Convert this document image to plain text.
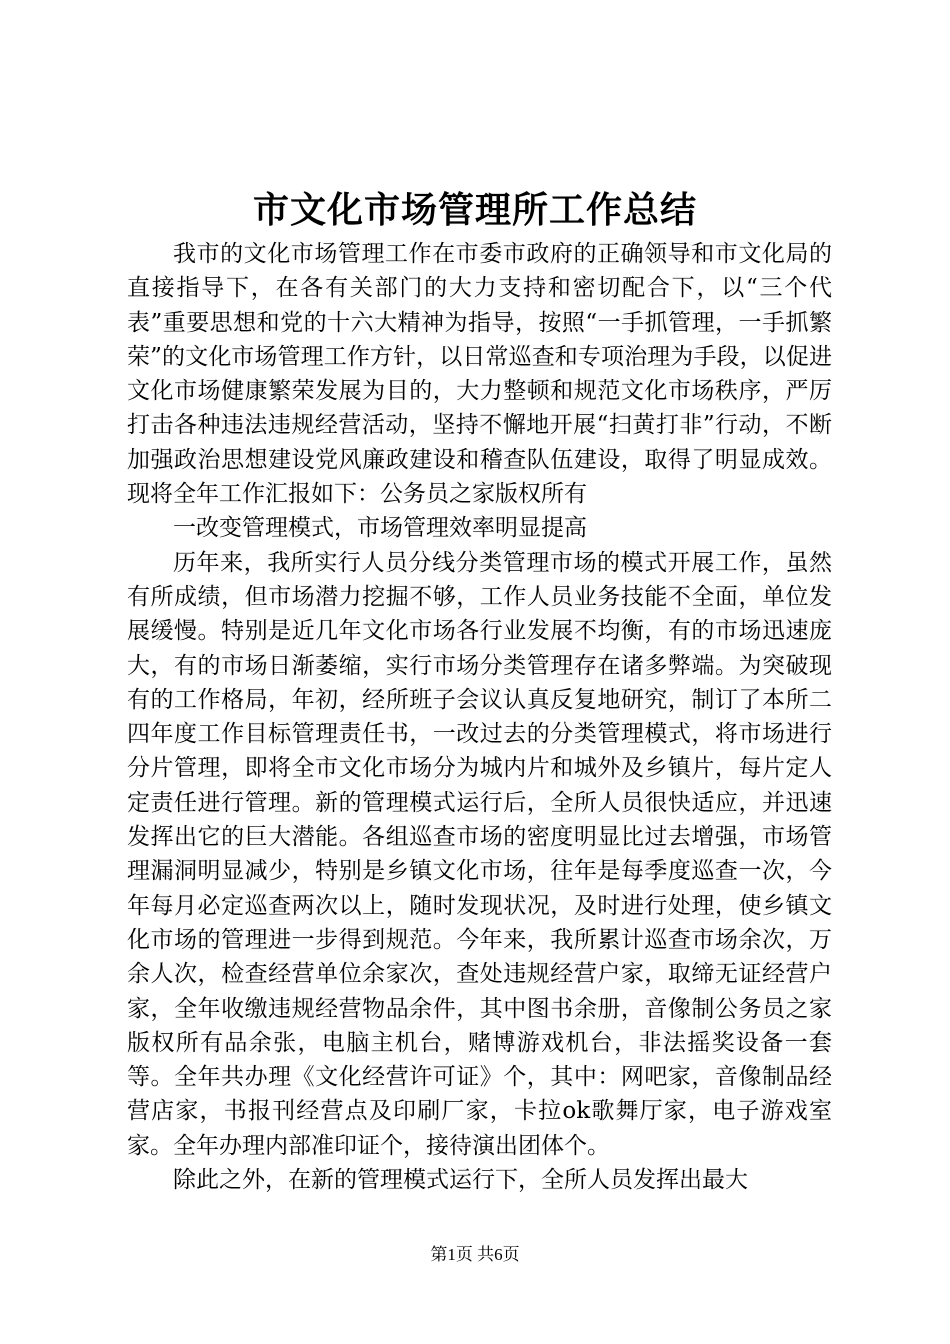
市文化市场管理所工作总结

我市的文化市场管理工作在市委市政府的正确领导和市文化局的直接指导下，在各有关部门的大力支持和密切配合下，以“三个代表”重要思想和党的十六大精神为指导，按照“一手抓管理，一手抓繁荣”的文化市场管理工作方针，以日常巡查和专项治理为手段，以促进文化市场健康繁荣发展为目的，大力整顿和规范文化市场秩序，严厉打击各种违法违规经营活动，坚持不懈地开展“扫黄打非”行动，不断加强政治思想建设党风廉政建设和稽查队伍建设，取得了明显成效。现将全年工作汇报如下：公务员之家版权所有

一改变管理模式，市场管理效率明显提高

历年来，我所实行人员分线分类管理市场的模式开展工作，虽然有所成绩，但市场潜力挖掘不够，工作人员业务技能不全面，单位发展缓慢。特别是近几年文化市场各行业发展不均衡，有的市场迅速庞大，有的市场日渐萎缩，实行市场分类管理存在诸多弊端。为突破现有的工作格局，年初，经所班子会议认真反复地研究，制订了本所二四年度工作目标管理责任书，一改过去的分类管理模式，将市场进行分片管理，即将全市文化市场分为城内片和城外及乡镇片，每片定人定责任进行管理。新的管理模式运行后，全所人员很快适应，并迅速发挥出它的巨大潜能。各组巡查市场的密度明显比过去增强，市场管理漏洞明显减少，特别是乡镇文化市场，往年是每季度巡查一次，今年每月必定巡查两次以上，随时发现状况，及时进行处理，使乡镇文化市场的管理进一步得到规范。今年来，我所累计巡查市场余次，万余人次，检查经营单位余家次，查处违规经营户家，取缔无证经营户家，全年收缴违规经营物品余件，其中图书余册，音像制公务员之家版权所有品余张，电脑主机台，赌博游戏机台，非法摇奖设备一套等。全年共办理《文化经营许可证》个，其中：网吧家，音像制品经营店家，书报刊经营点及印刷厂家，卡拉ok歌舞厅家，电子游戏室家。全年办理内部准印证个，接待演出团体个。

除此之外，在新的管理模式运行下，全所人员发挥出最大

第1页 共6页
